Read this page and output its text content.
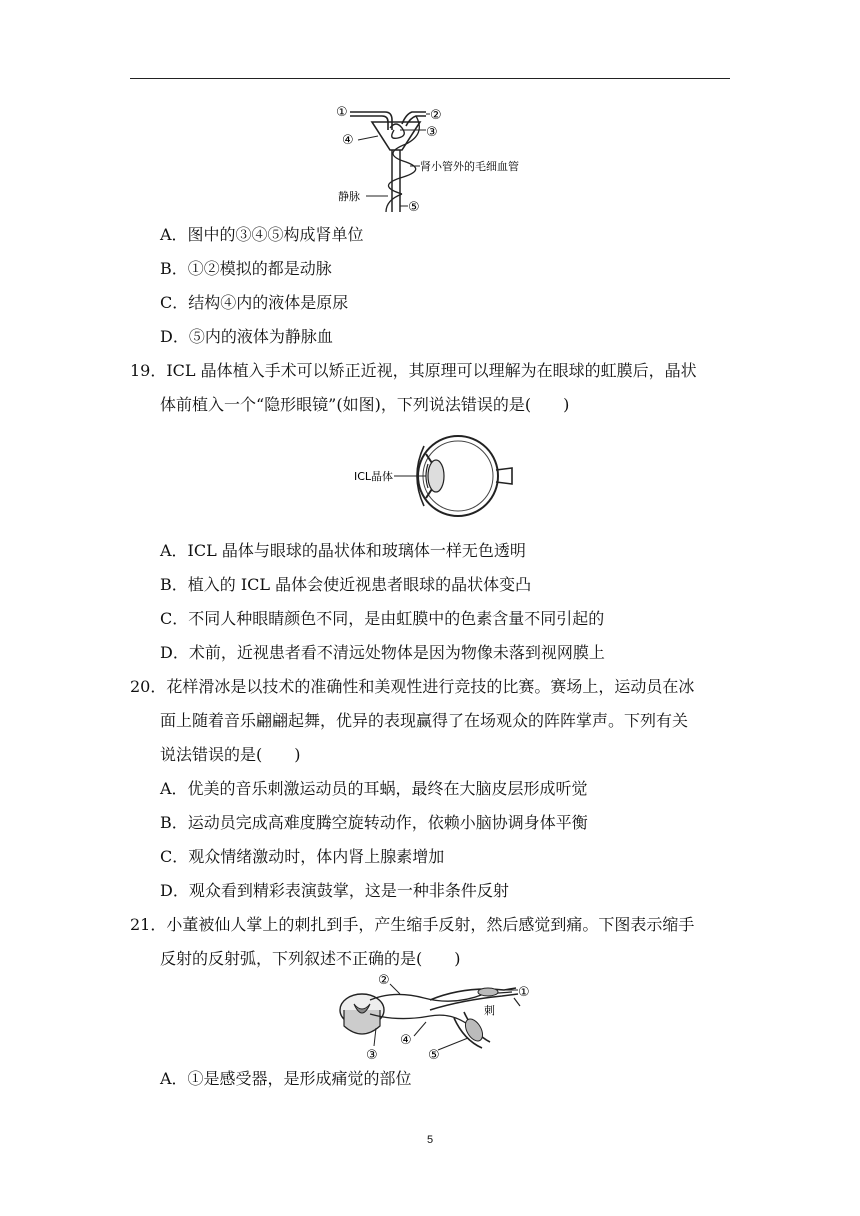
①	②
③
④
肾小管外的毛细血管
静脉
⑤
A．图中的③④⑤构成肾单位
B．①②模拟的都是动脉
C．结构④内的液体是原尿
D．⑤内的液体为静脉血
19．ICL 晶体植入手术可以矫正近视，其原理可以理解为在眼球的虹膜后，晶状
体前植入一个“隐形眼镜”(如图)，下列说法错误的是(　　)
ICL晶体
A．ICL 晶体与眼球的晶状体和玻璃体一样无色透明
B．植入的 ICL 晶体会使近视患者眼球的晶状体变凸
C．不同人种眼睛颜色不同，是由虹膜中的色素含量不同引起的
D．术前，近视患者看不清远处物体是因为物像未落到视网膜上
20．花样滑冰是以技术的准确性和美观性进行竞技的比赛。赛场上，运动员在冰
面上随着音乐翩翩起舞，优异的表现赢得了在场观众的阵阵掌声。下列有关
说法错误的是(　　)
A．优美的音乐刺激运动员的耳蜗，最终在大脑皮层形成听觉
B．运动员完成高难度腾空旋转动作，依赖小脑协调身体平衡
C．观众情绪激动时，体内肾上腺素增加
D．观众看到精彩表演鼓掌，这是一种非条件反射
21．小董被仙人掌上的刺扎到手，产生缩手反射，然后感觉到痛。下图表示缩手
反射的反射弧，下列叙述不正确的是(　　)
②
①
刺
③
④
⑤
A．①是感受器，是形成痛觉的部位
5
